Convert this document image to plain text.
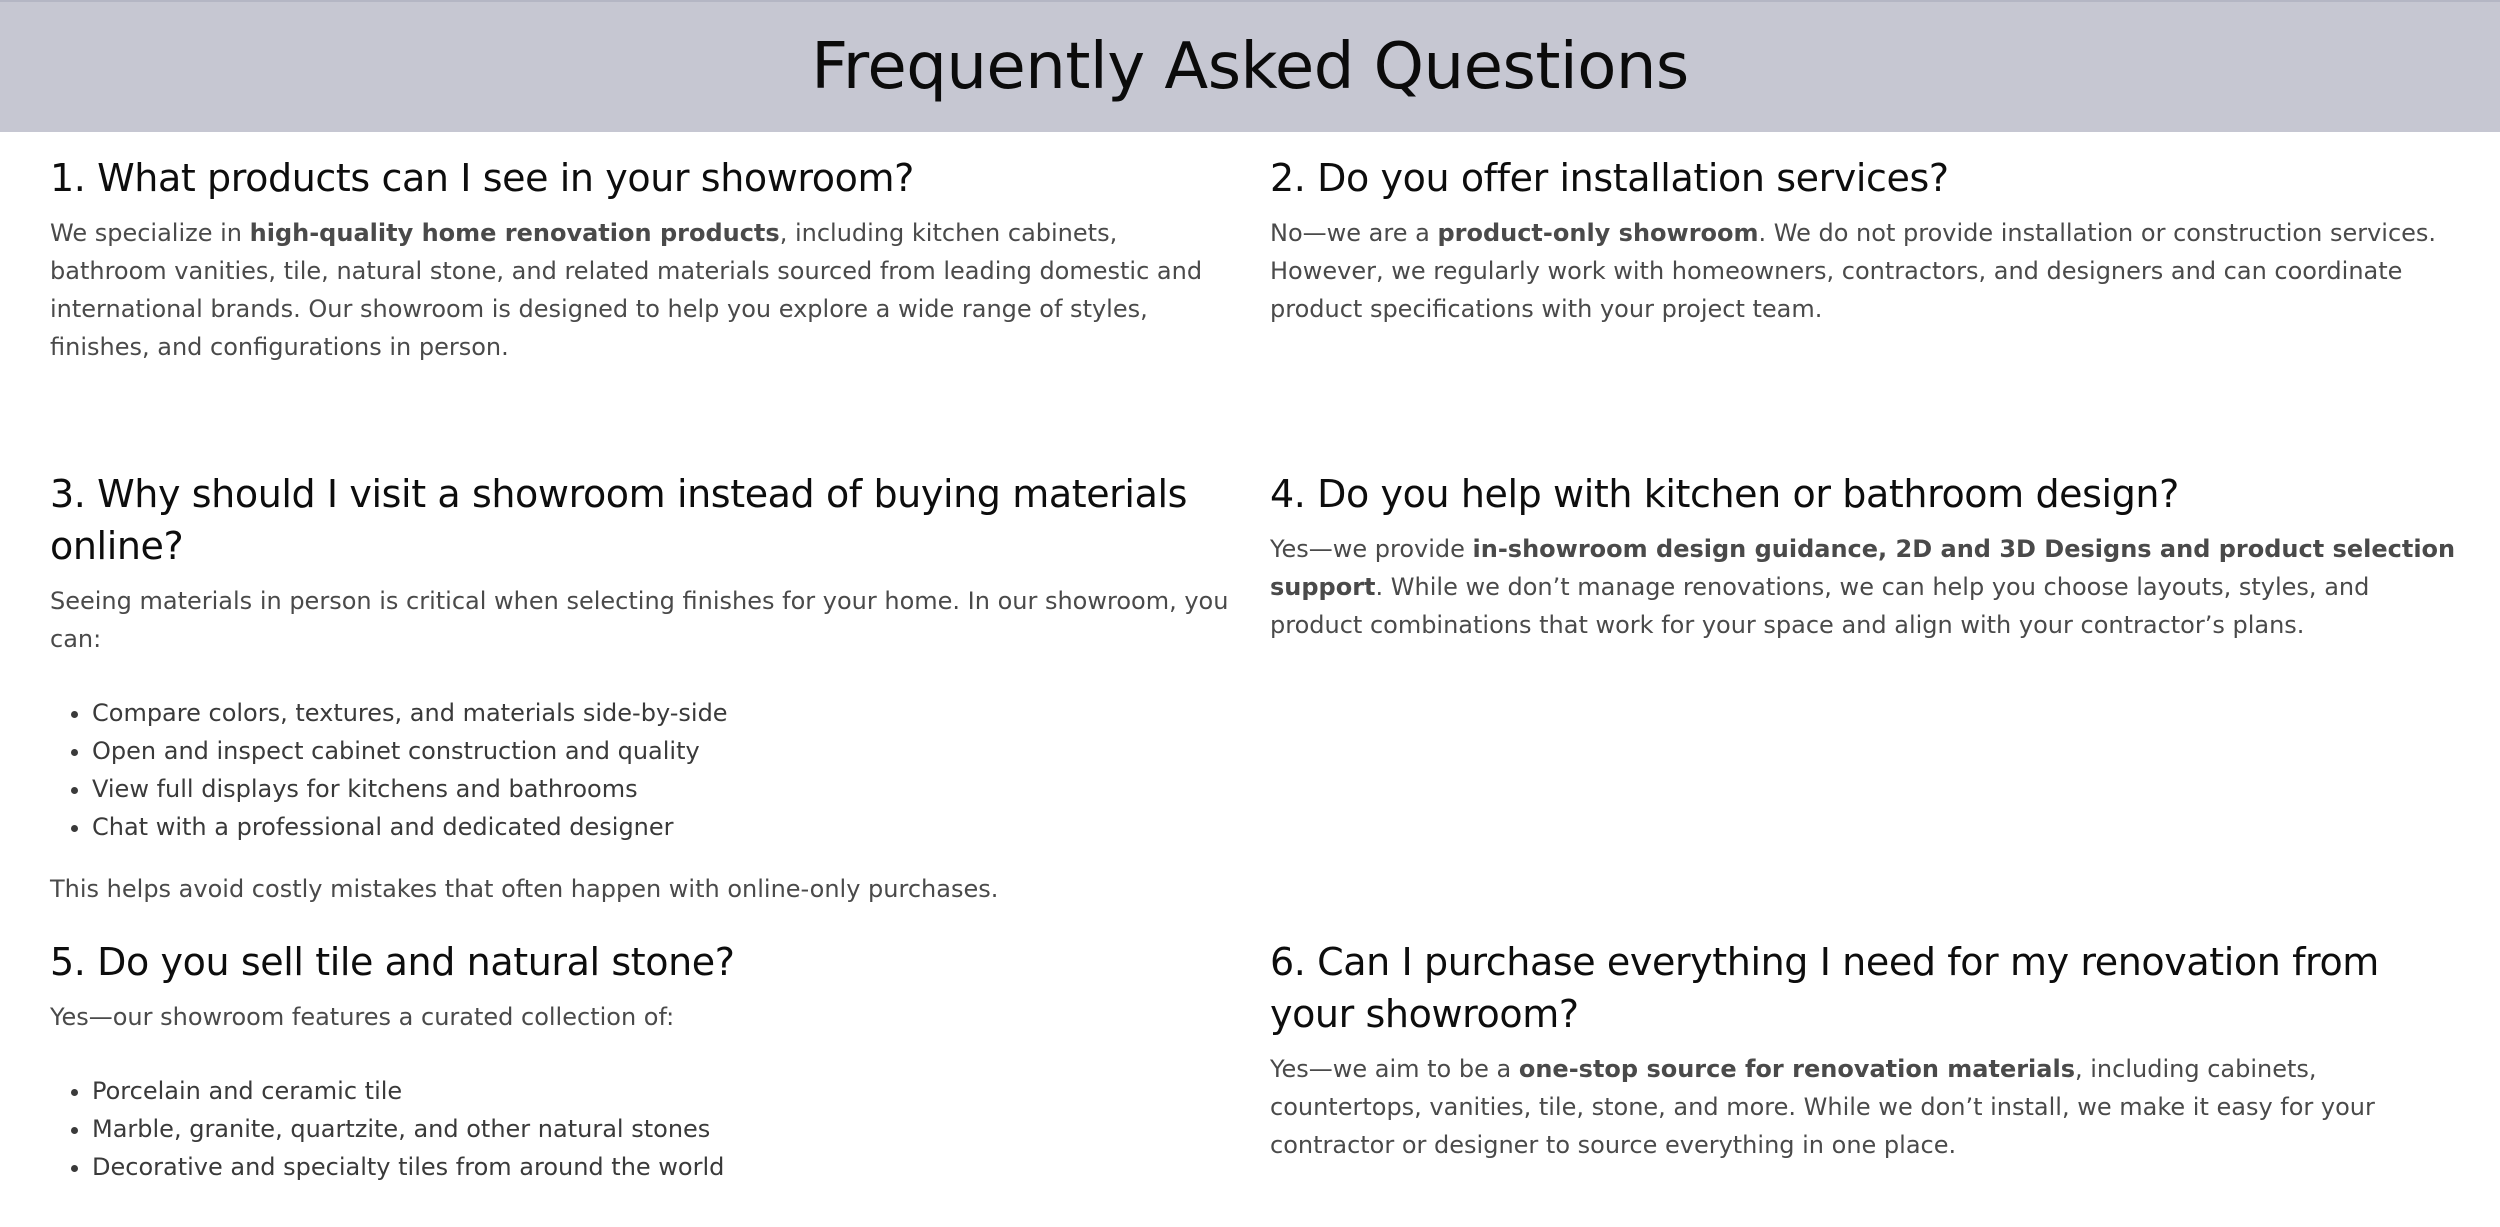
Frequently Asked Questions
1. What products can I see in your showroom?

We specialize in high-quality home renovation products, including kitchen cabinets, bathroom vanities, tile, natural stone, and related materials sourced from leading domestic and international brands. Our showroom is designed to help you explore a wide range of styles, finishes, and configurations in person.

2. Do you offer installation services?

No—we are a product-only showroom. We do not provide installation or construction services. However, we regularly work with homeowners, contractors, and designers and can coordinate product specifications with your project team.

3. Why should I visit a showroom instead of buying materials online?

Seeing materials in person is critical when selecting finishes for your home. In our showroom, you can:

• Compare colors, textures, and materials side-by-side
• Open and inspect cabinet construction and quality
• View full displays for kitchens and bathrooms
• Chat with a professional and dedicated designer

This helps avoid costly mistakes that often happen with online-only purchases.

4. Do you help with kitchen or bathroom design?

Yes—we provide in-showroom design guidance, 2D and 3D Designs and product selection support. While we don’t manage renovations, we can help you choose layouts, styles, and product combinations that work for your space and align with your contractor’s plans.

5. Do you sell tile and natural stone?

Yes—our showroom features a curated collection of:

• Porcelain and ceramic tile
• Marble, granite, quartzite, and other natural stones
• Decorative and specialty tiles from around the world
6. Can I purchase everything I need for my renovation from your showroom?

Yes—we aim to be a one-stop source for renovation materials, including cabinets, countertops, vanities, tile, stone, and more. While we don’t install, we make it easy for your contractor or designer to source everything in one place.
